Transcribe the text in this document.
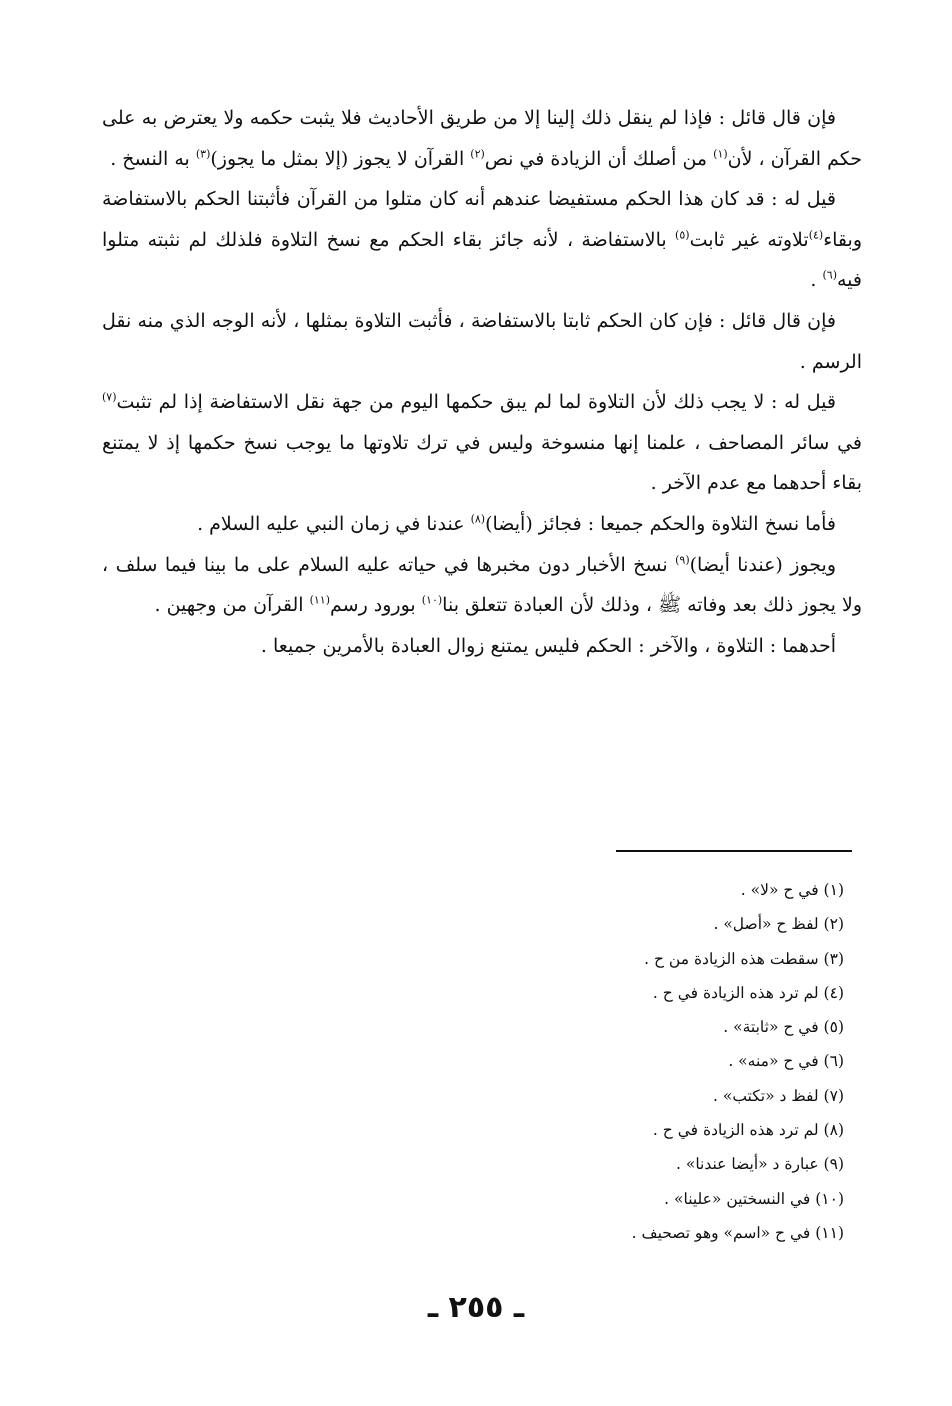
فإن قال قائل : فإذا لم ينقل ذلك إلينا إلا من طريق الأحاديث فلا يثبت حكمه ولا يعترض به على حكم القرآن ، لأن$^{(١)}$ من أصلك أن الزيادة في نص$^{(٢)}$ القرآن لا يجوز (إلا بمثل ما يجوز)$^{(٣)}$ به النسخ .

قيل له : قد كان هذا الحكم مستفيضا عندهم أنه كان متلوا من القرآن فأثبتنا الحكم بالاستفاضة وبقاء$^{(٤)}$تلاوته غير ثابت$^{(٥)}$ بالاستفاضة ، لأنه جائز بقاء الحكم مع نسخ التلاوة فلذلك لم نثبته متلوا فيه$^{(٦)}$ .

فإن قال قائل : فإن كان الحكم ثابتا بالاستفاضة ، فأثبت التلاوة بمثلها ، لأنه الوجه الذي منه نقل الرسم .

قيل له : لا يجب ذلك لأن التلاوة لما لم يبق حكمها اليوم من جهة نقل الاستفاضة إذا لم تثبت$^{(٧)}$ في سائر المصاحف ، علمنا إنها منسوخة وليس في ترك تلاوتها ما يوجب نسخ حكمها إذ لا يمتنع بقاء أحدهما مع عدم الآخر .

فأما نسخ التلاوة والحكم جميعا : فجائز (أيضا)$^{(٨)}$ عندنا في زمان النبي عليه السلام .

ويجوز (عندنا أيضا)$^{(٩)}$ نسخ الأخبار دون مخبرها في حياته عليه السلام على ما بينا فيما سلف ، ولا يجوز ذلك بعد وفاته ﷺ ، وذلك لأن العبادة تتعلق بنا$^{(١٠)}$ بورود رسم$^{(١١)}$ القرآن من وجهين .

أحدهما : التلاوة ، والآخر : الحكم فليس يمتنع زوال العبادة بالأمرين جميعا .

(١) في ح «لا» .
(٢) لفظ ح «أصل» .
(٣) سقطت هذه الزيادة من ح .
(٤) لم ترد هذه الزيادة في ح .
(٥) في ح «ثابتة» .
(٦) في ح «منه» .
(٧) لفظ د «تكتب» .
(٨) لم ترد هذه الزيادة في ح .
(٩) عبارة د «أيضا عندنا» .
(١٠) في النسختين «علينا» .
(١١) في ح «اسم» وهو تصحيف .
ـ ٢٥٥ ـ
